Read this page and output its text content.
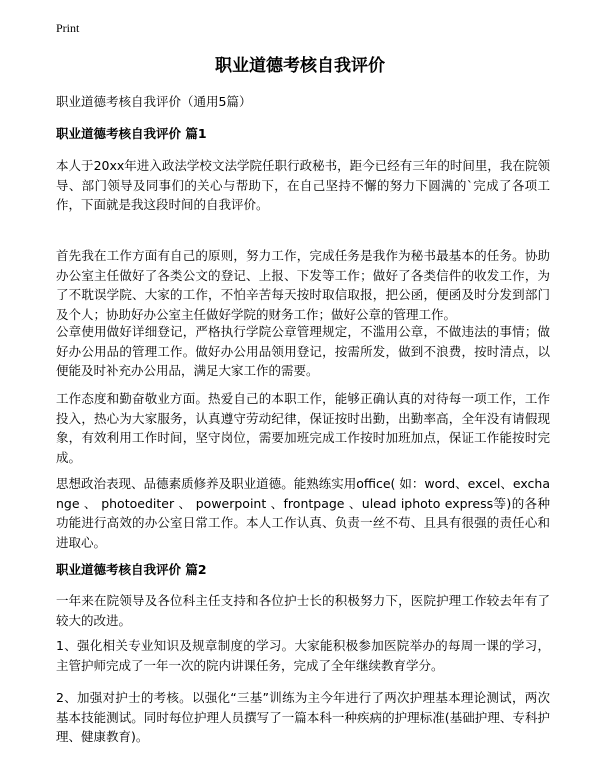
Print
职业道德考核自我评价
职业道德考核自我评价（通用5篇）
职业道德考核自我评价 篇1
本人于20xx年进入政法学校文法学院任职行政秘书，距今已经有三年的时间里，我在院领导、部门领导及同事们的关心与帮助下，在自己坚持不懈的努力下圆满的`完成了各项工作，下面就是我这段时间的自我评价。
首先我在工作方面有自己的原则，努力工作，完成任务是我作为秘书最基本的任务。协助办公室主任做好了各类公文的登记、上报、下发等工作；做好了各类信件的收发工作，为了不耽误学院、大家的工作，不怕辛苦每天按时取信取报，把公函，便函及时分发到部门及个人；协助好办公室主任做好学院的财务工作；做好公章的管理工作。
公章使用做好详细登记，严格执行学院公章管理规定，不滥用公章，不做违法的事情；做好办公用品的管理工作。做好办公用品领用登记，按需所发，做到不浪费，按时清点，以便能及时补充办公用品，满足大家工作的需要。
工作态度和勤奋敬业方面。热爱自己的本职工作，能够正确认真的对待每一项工作，工作投入，热心为大家服务，认真遵守劳动纪律，保证按时出勤，出勤率高，全年没有请假现象，有效利用工作时间，坚守岗位，需要加班完成工作按时加班加点，保证工作能按时完成。
思想政治表现、品德素质修养及职业道德。能熟练实用office( 如：word、excel、exchange 、 photoediter 、 powerpoint 、frontpage 、ulead iphoto express等)的各种功能进行高效的办公室日常工作。本人工作认真、负责一丝不苟、且具有很强的责任心和进取心。
职业道德考核自我评价 篇2
一年来在院领导及各位科主任支持和各位护士长的积极努力下，医院护理工作较去年有了较大的改进。
1、强化相关专业知识及规章制度的学习。大家能积极参加医院举办的每周一课的学习，主管护师完成了一年一次的院内讲课任务，完成了全年继续教育学分。
2、加强对护士的考核。以强化“三基”训练为主今年进行了两次护理基本理论测试，两次基本技能测试。同时每位护理人员撰写了一篇本科一种疾病的护理标准(基础护理、专科护理、健康教育)。
